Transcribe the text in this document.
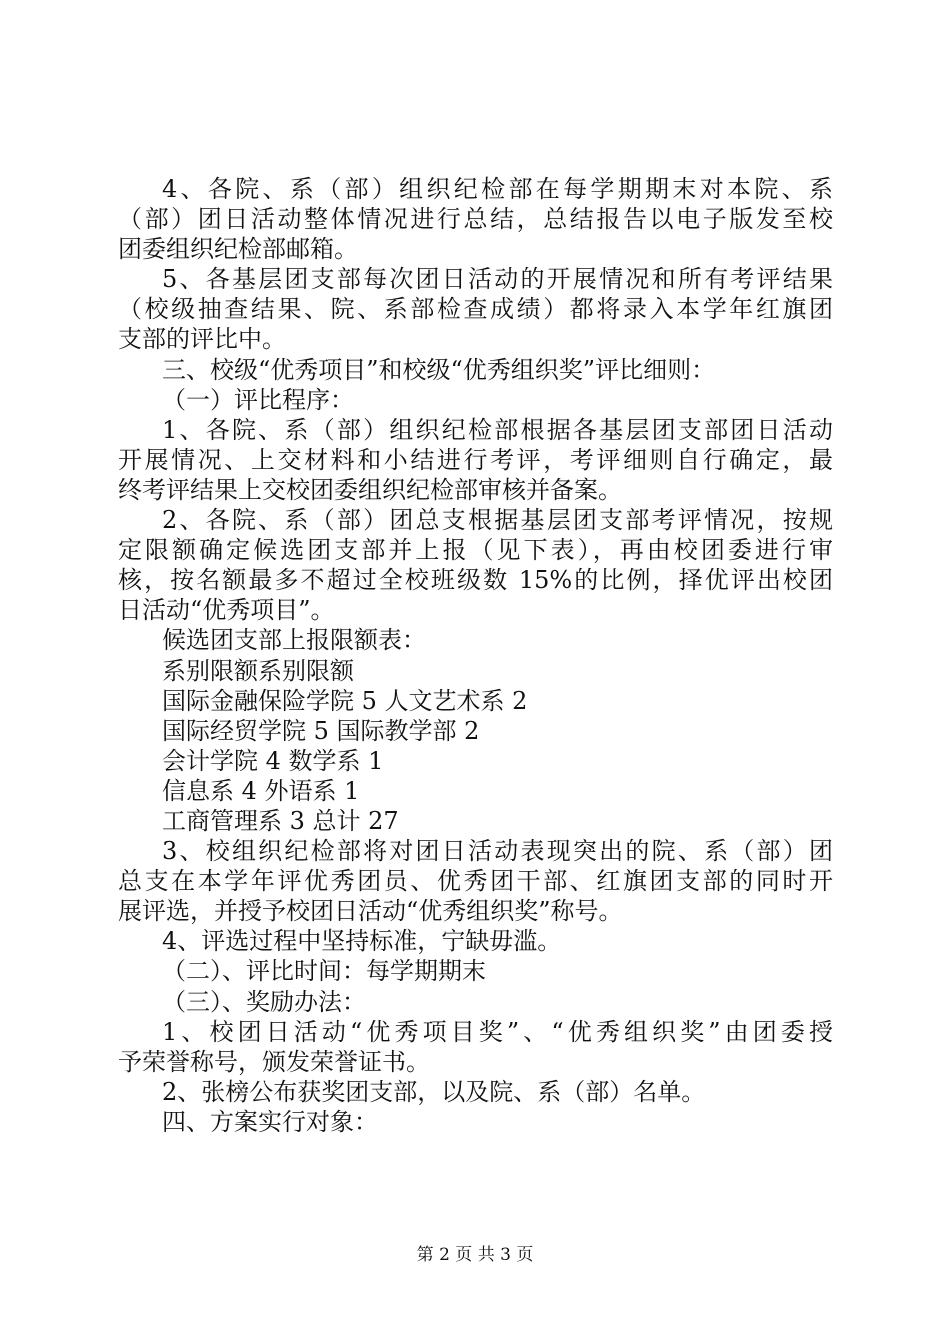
4、各院、系（部）组织纪检部在每学期期末对本院、系
（部）团日活动整体情况进行总结，总结报告以电子版发至校
团委组织纪检部邮箱。
5、各基层团支部每次团日活动的开展情况和所有考评结果
（校级抽查结果、院、系部检查成绩）都将录入本学年红旗团
支部的评比中。
三、校级“优秀项目”和校级“优秀组织奖”评比细则：
（一）评比程序：
1、各院、系（部）组织纪检部根据各基层团支部团日活动
开展情况、上交材料和小结进行考评，考评细则自行确定，最
终考评结果上交校团委组织纪检部审核并备案。
2、各院、系（部）团总支根据基层团支部考评情况，按规
定限额确定候选团支部并上报（见下表），再由校团委进行审
核，按名额最多不超过全校班级数 15%的比例，择优评出校团
日活动“优秀项目”。
候选团支部上报限额表：
系别限额系别限额
国际金融保险学院 5 人文艺术系 2
国际经贸学院 5 国际教学部 2
会计学院 4 数学系 1
信息系 4 外语系 1
工商管理系 3 总计 27
3、校组织纪检部将对团日活动表现突出的院、系（部）团
总支在本学年评优秀团员、优秀团干部、红旗团支部的同时开
展评选，并授予校团日活动“优秀组织奖”称号。
4、评选过程中坚持标准，宁缺毋滥。
（二）、评比时间：每学期期末
（三）、奖励办法：
1、校团日活动“优秀项目奖”、“优秀组织奖”由团委授
予荣誉称号，颁发荣誉证书。
2、张榜公布获奖团支部，以及院、系（部）名单。
四、方案实行对象：
第 2 页 共 3 页
